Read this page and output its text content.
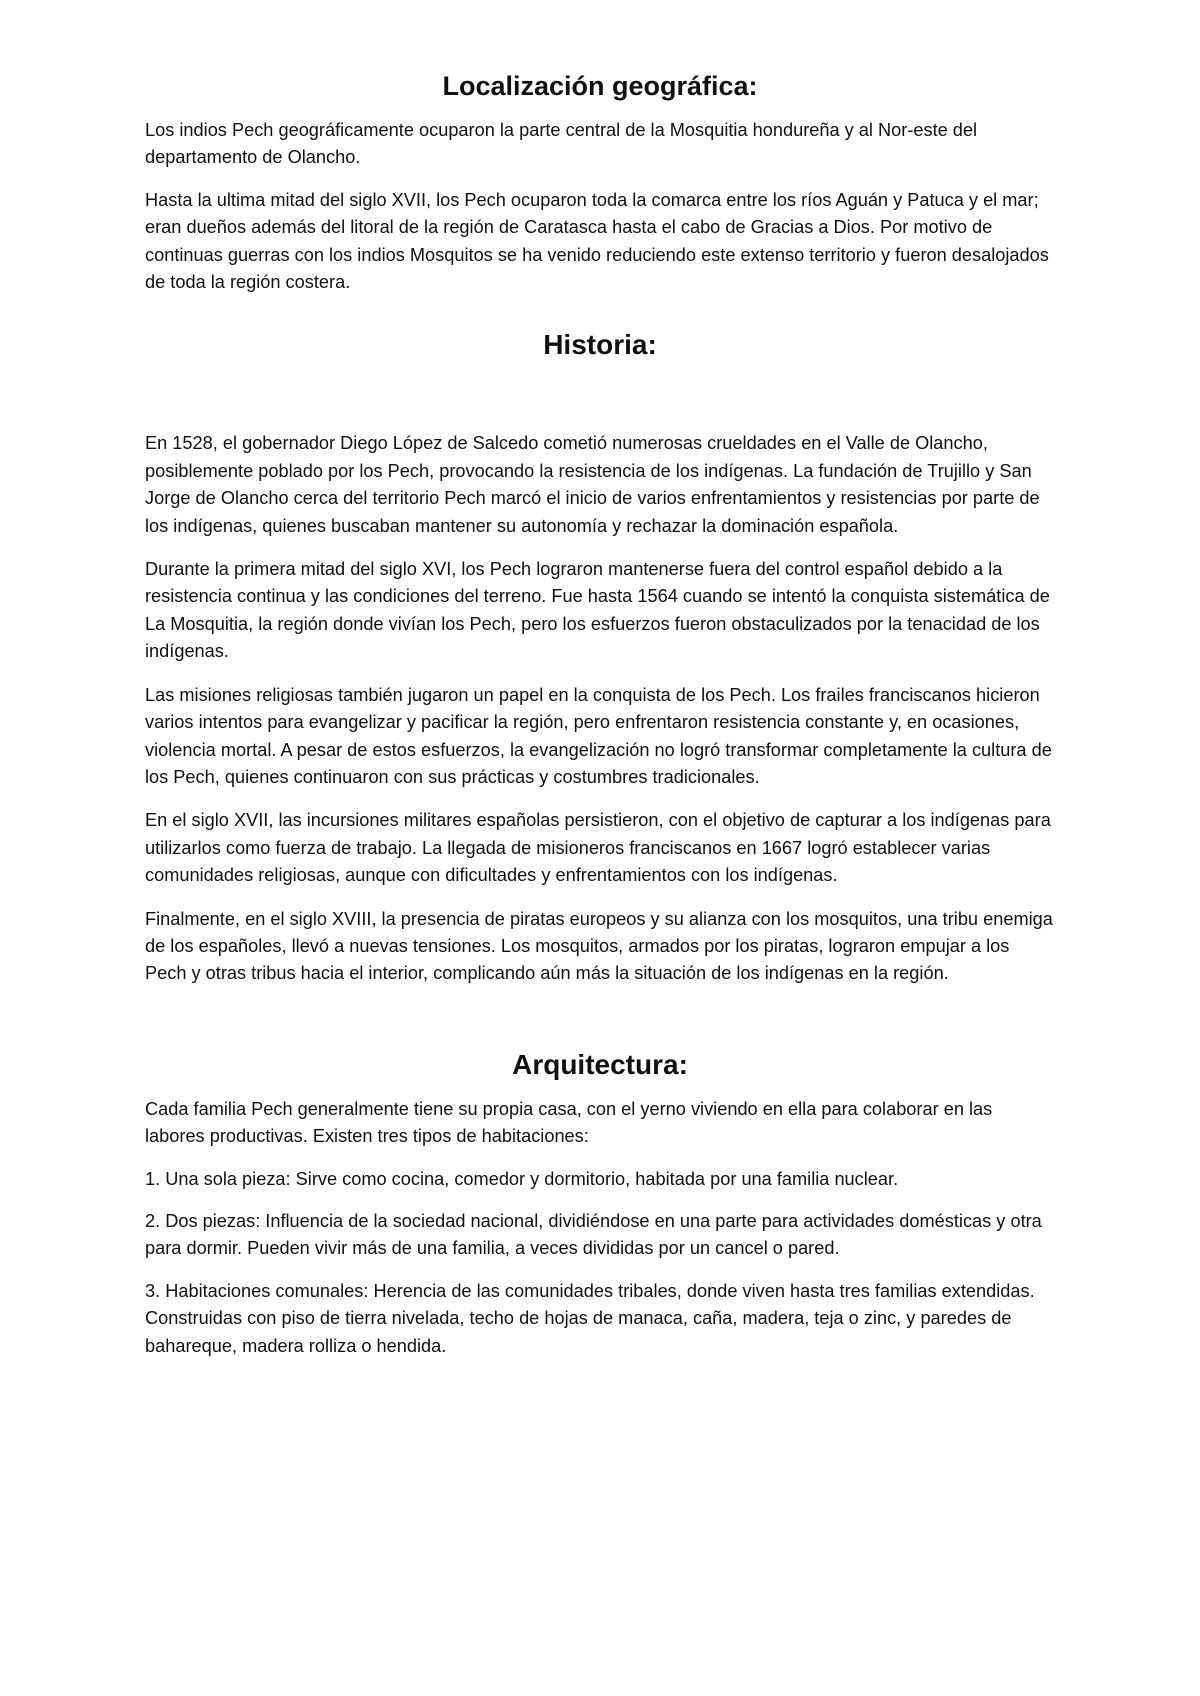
Localización geográfica:

Los indios Pech geográficamente ocuparon la parte central de la Mosquitia hondureña y al Nor-este del departamento de Olancho.

Hasta la ultima mitad del siglo XVII, los Pech ocuparon toda la comarca entre los ríos Aguán y Patuca y el mar; eran dueños además del litoral de la región de Caratasca hasta el cabo de Gracias a Dios. Por motivo de continuas guerras con los indios Mosquitos se ha venido reduciendo este extenso territorio y fueron desalojados de toda la región costera.

Historia:

En 1528, el gobernador Diego López de Salcedo cometió numerosas crueldades en el Valle de Olancho, posiblemente poblado por los Pech, provocando la resistencia de los indígenas. La fundación de Trujillo y San Jorge de Olancho cerca del territorio Pech marcó el inicio de varios enfrentamientos y resistencias por parte de los indígenas, quienes buscaban mantener su autonomía y rechazar la dominación española.

Durante la primera mitad del siglo XVI, los Pech lograron mantenerse fuera del control español debido a la resistencia continua y las condiciones del terreno. Fue hasta 1564 cuando se intentó la conquista sistemática de La Mosquitia, la región donde vivían los Pech, pero los esfuerzos fueron obstaculizados por la tenacidad de los indígenas.

Las misiones religiosas también jugaron un papel en la conquista de los Pech. Los frailes franciscanos hicieron varios intentos para evangelizar y pacificar la región, pero enfrentaron resistencia constante y, en ocasiones, violencia mortal. A pesar de estos esfuerzos, la evangelización no logró transformar completamente la cultura de los Pech, quienes continuaron con sus prácticas y costumbres tradicionales.

En el siglo XVII, las incursiones militares españolas persistieron, con el objetivo de capturar a los indígenas para utilizarlos como fuerza de trabajo. La llegada de misioneros franciscanos en 1667 logró establecer varias comunidades religiosas, aunque con dificultades y enfrentamientos con los indígenas.

Finalmente, en el siglo XVIII, la presencia de piratas europeos y su alianza con los mosquitos, una tribu enemiga de los españoles, llevó a nuevas tensiones. Los mosquitos, armados por los piratas, lograron empujar a los Pech y otras tribus hacia el interior, complicando aún más la situación de los indígenas en la región.

Arquitectura:

Cada familia Pech generalmente tiene su propia casa, con el yerno viviendo en ella para colaborar en las labores productivas. Existen tres tipos de habitaciones:

1. Una sola pieza: Sirve como cocina, comedor y dormitorio, habitada por una familia nuclear.

2. Dos piezas: Influencia de la sociedad nacional, dividiéndose en una parte para actividades domésticas y otra para dormir. Pueden vivir más de una familia, a veces divididas por un cancel o pared.

3. Habitaciones comunales: Herencia de las comunidades tribales, donde viven hasta tres familias extendidas. Construidas con piso de tierra nivelada, techo de hojas de manaca, caña, madera, teja o zinc, y paredes de bahareque, madera rolliza o hendida.
